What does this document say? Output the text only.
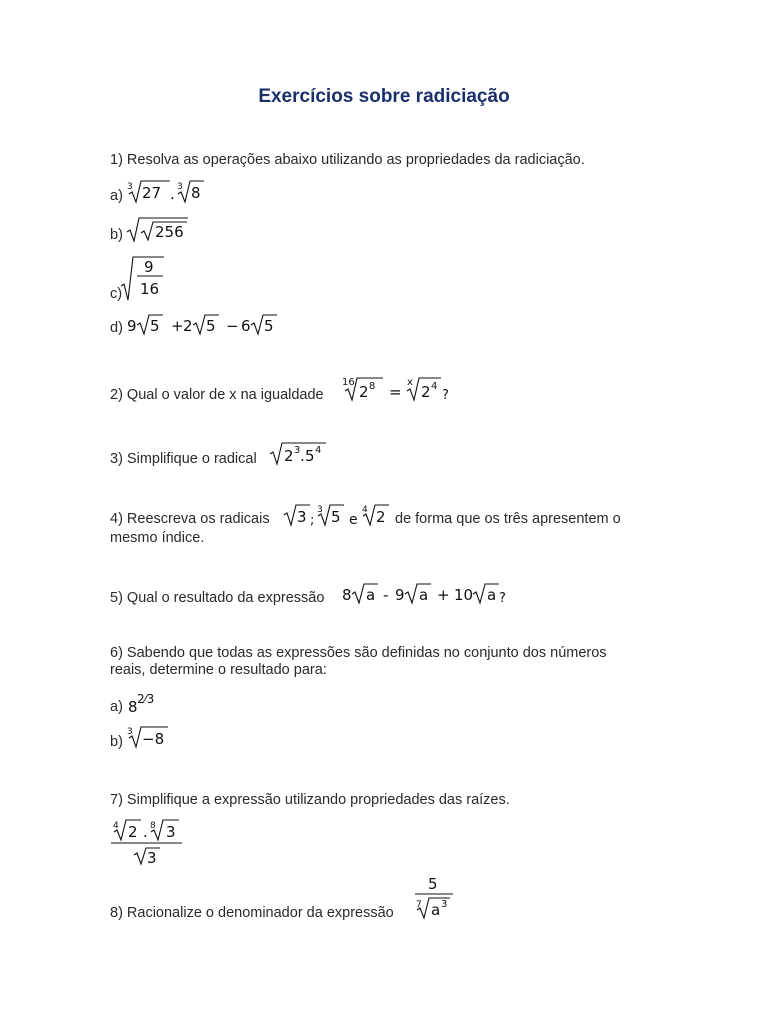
Exercícios sobre radiciação
1) Resolva as operações abaixo utilizando as propriedades da radiciação.
a)
3 27 . 3 8
b) 256
c)
9
16
d) 9 5 + 2 5 − 6 5
2) Qual o valor de x na igualdade
16
2 8 =
x
2 4
?
3) Simplifique o radical 2 3 . 5 4
4) Reescreva os radicais 3 ;
3 5 e
4 2 de forma que os três apresentem o
mesmo índice.
5) Qual o resultado da expressão 8 a - 9 a + 10 a ?
6) Sabendo que todas as expressões são definidas no conjunto dos números
reais, determine o resultado para:
a) 8 2⁄3
b)
3 −8
7) Simplifique a expressão utilizando propriedades das raízes.
4 2 . 8 3
3
8) Racionalize o denominador da expressão
5
7 a 3
